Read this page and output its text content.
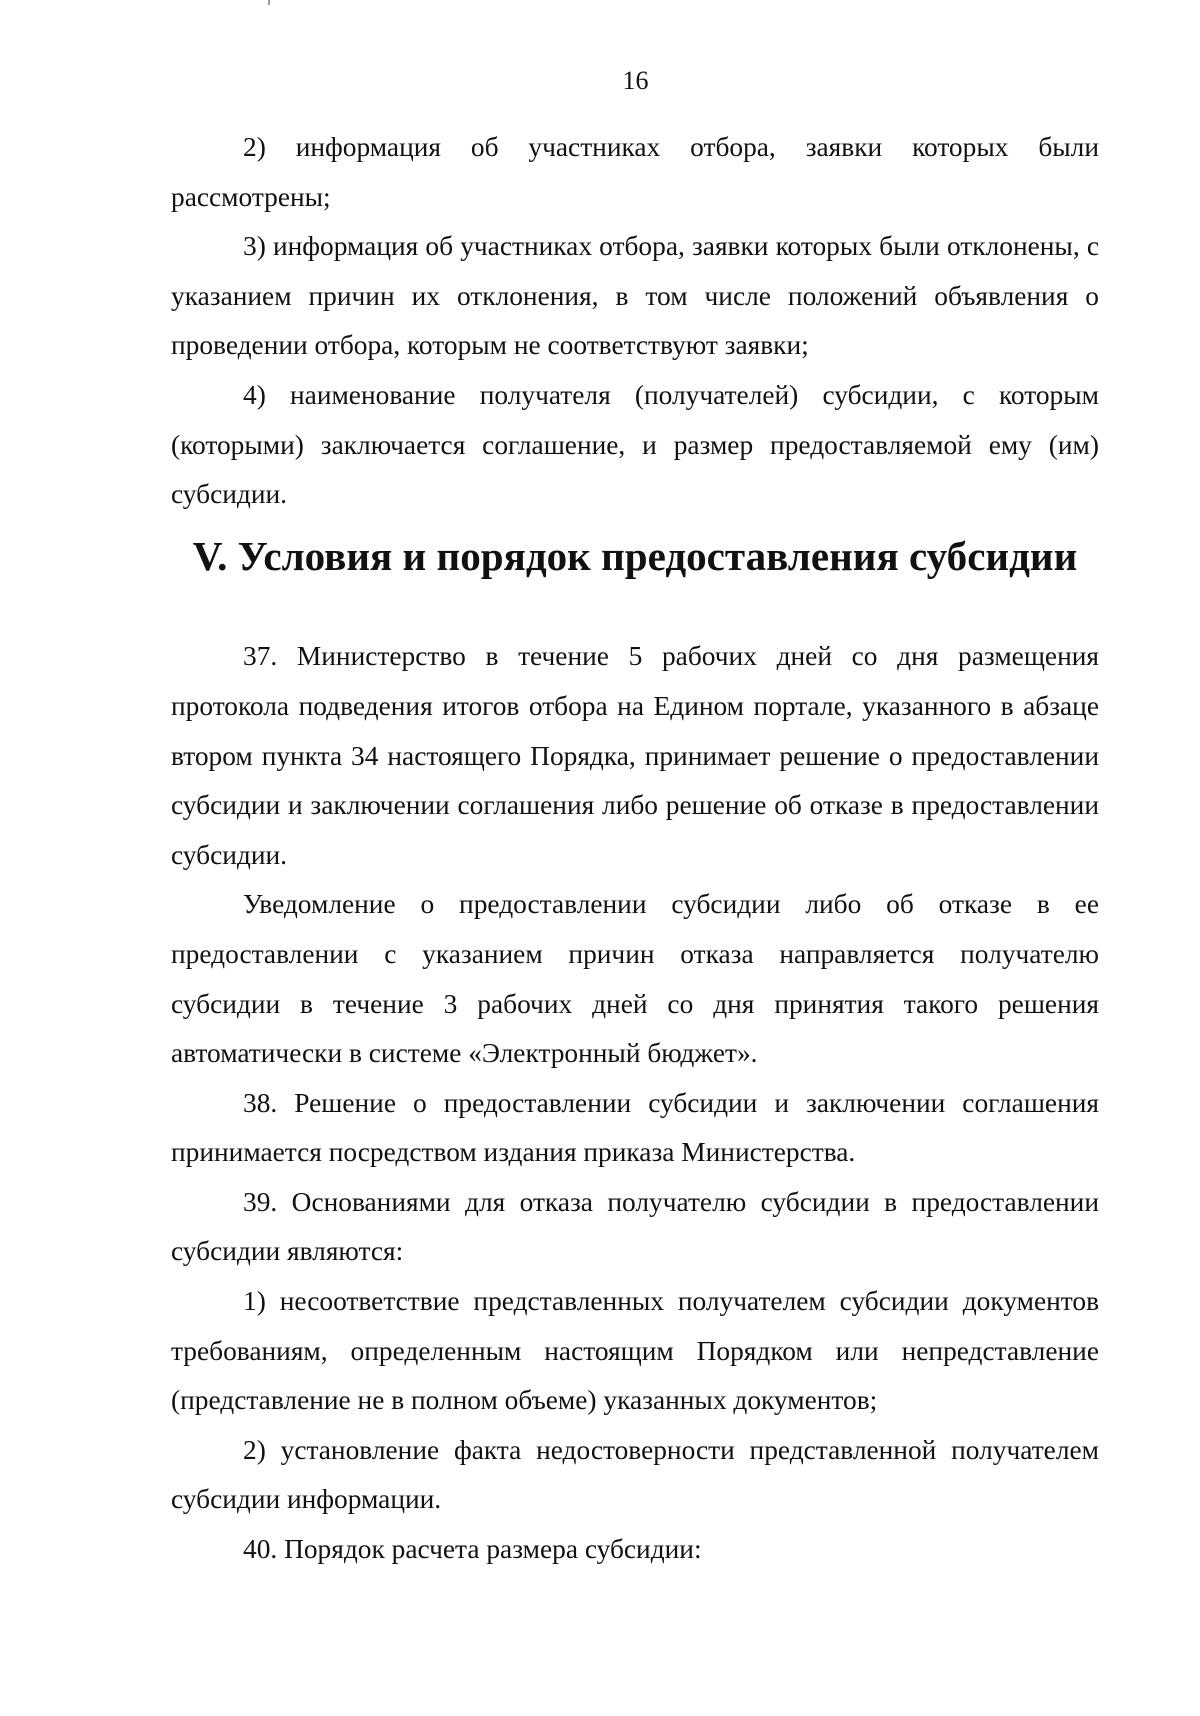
16

2) информация об участниках отбора, заявки которых были рассмотрены;

3) информация об участниках отбора, заявки которых были отклонены, с указанием причин их отклонения, в том числе положений объявления о проведении отбора, которым не соответствуют заявки;

4) наименование получателя (получателей) субсидии, с которым (которыми) заключается соглашение, и размер предоставляемой ему (им) субсидии.

V. Условия и порядок предоставления субсидии

37. Министерство в течение 5 рабочих дней со дня размещения протокола подведения итогов отбора на Едином портале, указанного в абзаце втором пункта 34 настоящего Порядка, принимает решение о предоставлении субсидии и заключении соглашения либо решение об отказе в предоставлении субсидии.

Уведомление о предоставлении субсидии либо об отказе в ее предоставлении с указанием причин отказа направляется получателю субсидии в течение 3 рабочих дней со дня принятия такого решения автоматически в системе «Электронный бюджет».

38. Решение о предоставлении субсидии и заключении соглашения принимается посредством издания приказа Министерства.

39. Основаниями для отказа получателю субсидии в предоставлении субсидии являются:

1) несоответствие представленных получателем субсидии документов требованиям, определенным настоящим Порядком или непредставление (представление не в полном объеме) указанных документов;

2) установление факта недостоверности представленной получателем субсидии информации.

40. Порядок расчета размера субсидии:
